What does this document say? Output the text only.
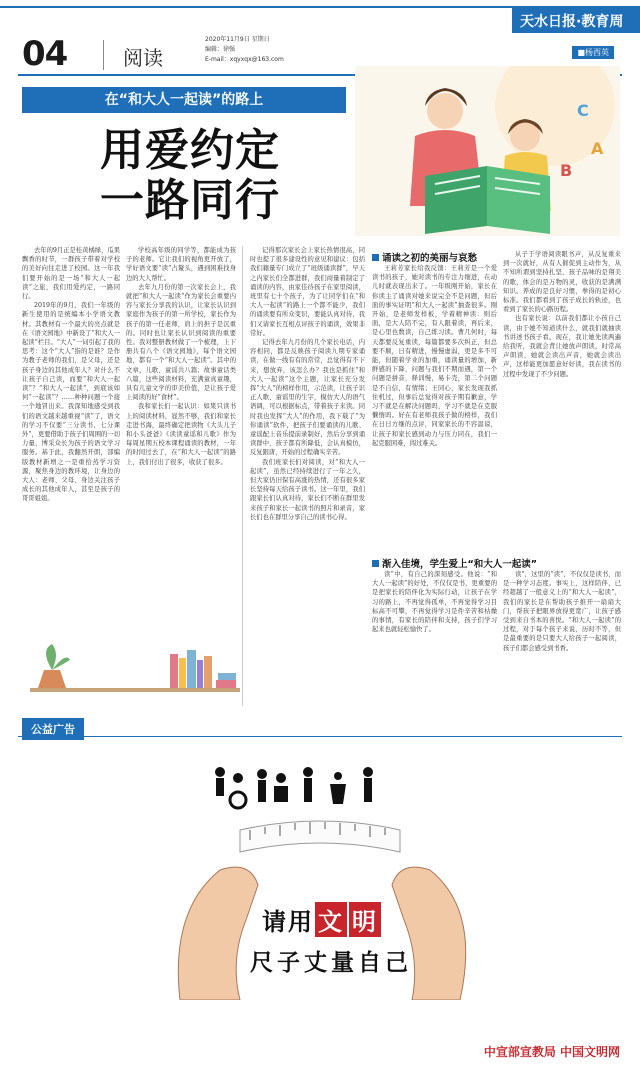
天水日报·教育周刊
04	阅读
2020年11月9日 星期日
编辑：徐强
E-mail：xqyxqx@163.com
■杨西英
在“和大人一起读”的路上
用爱约定
一路同行
C
A
B

去年的9月正是桂黄橘绿，瓜果飘香的时节，一群孩子带着对学校的美好向往走进了校园。这一年我们要开始的是一场“和大人一起读”之旅，我们用爱约定，一路同行。

2019年的9月，我们一年级的新生使用的是统编本小学语文教材。其教材有一个最大的亮点就是在《语文园地》中新设了“和大人一起读”栏目。“大人”一词引起了我的思考：这个“大人”指的是谁？是作为教子老师的我们，是父母，还是孩子身边的其他成年人？对什么不让孩子自己读，而要“和大人一起读”？“和大人一起读”，到底该如何“一起读”？……种种问题一个接一个地冒出来。我深知地感受到我们的语文越来越重视“读”了，语文的学习不仅要“三分读书，七分课外”，更要借助于孩子们周围的一切力量，博采众长为孩子的语文学习服务。基于此，我翻然开朗，部编版教材新增之一是重拾蒸学习资源，聚焦身边的教环境，让身边的大人：老师、父母、身边关注孩子成长的其他成年人，甚至是孩子的哥哥姐姐。

学校高年级的同学等，都能成为孩子的老师。它让我们的视角更开放了，学好语文要“读”占鳌头，遇到困难找身边的大人帮忙。

去年九月份的第一次家长会上，我就把“和大人一起读”作为家长会重要内容与家长分享我的认识，让家长认识到家庭作为孩子的第一所学校，家长作为孩子的第一任老师，肩上的担子是沉重的。同时也让家长认识到阅读的重要性。我对整册教材做了一个梳理，上下册共有八个《语文园地》，每个语文园地，都有一个“和大人一起读”。其中的文章，儿歌、童谣共八篇；故事童话类八篇，这些阅读材料，充满童真童趣，具有儿童文学的审美价值，是让孩子爱上阅读的好“食材”。

我和家长们一起认识：如果只读书上的阅读材料，显然不够，我们和家长走进书海，最终确定把读物《大头儿子和小头爸爸》《读读童谣和儿歌》作为每周星期五校本课程诵读的教材，一年的时间过去了，在“和大人一起读”的路上，我们付出了很多，收获了很多。

记得那次家长会上家长热情很高，同时也提了很多建设性的意见和建议：包括我们籍量专门成立了“班级诵读群”，早天之内家长们全都进群，我们商量着制定了诵读的内容，由家佳待孩子在家里阅读，班里有七十个孩子，为了让同学们在“和大人一起读”的路上一个都不能少，我们的诵读要有所众变识，要能认真对待，我们又请家长互相点评孩子的诵读，效果非常好。

记得去年九月份的几个家长电话，内容相同，都是反映孩子阅读九期专家诵读，在做一线有有的常常，总觉得有不下来，想放弃，该怎么办？我也是抓住“和大人一起读”这个主题，让家长充分发挥“大人”的榜样作用，示范读，让孩子识正人歌、童谣里的生字，模仿大人的语气语调，可以根据标点，带着孩子来读。同时我也发挥“大人”的作用，我下载了“为你诵读”软件，把孩子们要诵读的儿歌、童谣配上音乐提前录制好，然后分享到诵读群中，孩子都有所降低，会认真模仿，反复跟唐，开始的过程确实辛苦。

我们班家长们对阅读，对“和大人一起读”，虽然已经持续进行了一年之久，但大家仍旧保有高涨的热情，还有很多家长坚持每天给孩子读书。这一年里，我们跟家长们认真对待，家长们不断在群里发来孩子和家长一起读书的照片和录音，家长们也在群里分享自己的读书心得。

诵读之初的美丽与哀愁

王莉芳家长给我反馈：王莉芳是一个爱读书的孩子，她对读书的专注力细进，在动儿时就表现出来了。一年级刚开始，家长在你读主了诵读对她来说完全不是问题，但后面的事实证明“和大人一起读”抽查很多。刚开始，是老师发样板，学着精神读：则后面，是大人陪不完，有人跟着读，再后来，是心里也数读，自己练习读。曹几何时，每天都要反复重读，每篇都要多次纠正，但总要不顺，日有精进，慢慢虚弱，更是多不可能，但随着学业的加重，诵读量的增加，新鲜感的下降，问题与我们不期而遇，第一个问题是拼音，释训慢，易卡壳，第二个问题是不自信，有情绪；王同心，家长发现我抓住机过，但事后总觉得对孩子期有歉意，学习不就是在解决问题吗，学习不就是在克服懒惰吗。好在有老师我孩子做的榜样，我们在日日方继的点评，同家家长的不容温谅，让孩子和家长感到动力与压力同在，我们一起克服困难，闯过难关。

从子于学语阅读眼书声，从反复重来到一次就好，从有人催促到主动作为，从不知所谓到坚持扎坚，孩子品味的是翔美的歌，体会的是万物的灵，收获的是满满知识。养成的是良好习惯，拳得的是初心标准。我们都看到了孩子成长的轨迹，也看到了家长的心路历程。

也有家长说：以前我们都让小孩自己读，由于她不知道读什么，就我们就抽读书讲述书孩子看。现在，我让她先读两遍给我听，我就会背让她放声朗读，时常高声朗读，她就会读出声音，她就会读出声，这样能更加愿意好好读，我在读书的过程中发现了不少问题。

渐入佳境，学生爱上“和大人一起读”

读”中，有自己的深刻感受。他说：“和大人一起读”的好处，不仅仅是书，更重要的是把家长的陪伴化为实际行动，让孩子在学习的路上，不再觉得孤单，不再觉得学习目标高不可攀，不再觉得学习是件辛苦和枯燥的事情，有家长的陪伴和支持，孩子们学习起来也就轻松愉快了。

读”，这里的“读”，不仅仅是读书，而是一种学习态度。事实上，这样陪伴，已经超越了一般意义上的“和大人一起读”，我们的家长是在帮助孩子推开一扇扇大门，帮孩子把眼界放得更宽广，让孩子感受到来自书本的喜悦。“和大人一起读”的过程，对于每个孩子来说，历时不等，但是最重要的是只要大人给孩子一起阅读，孩子们都会感受到书香。

公益广告
请用 文 明
尺子丈量自己
中宣部宣教局 中国文明网
